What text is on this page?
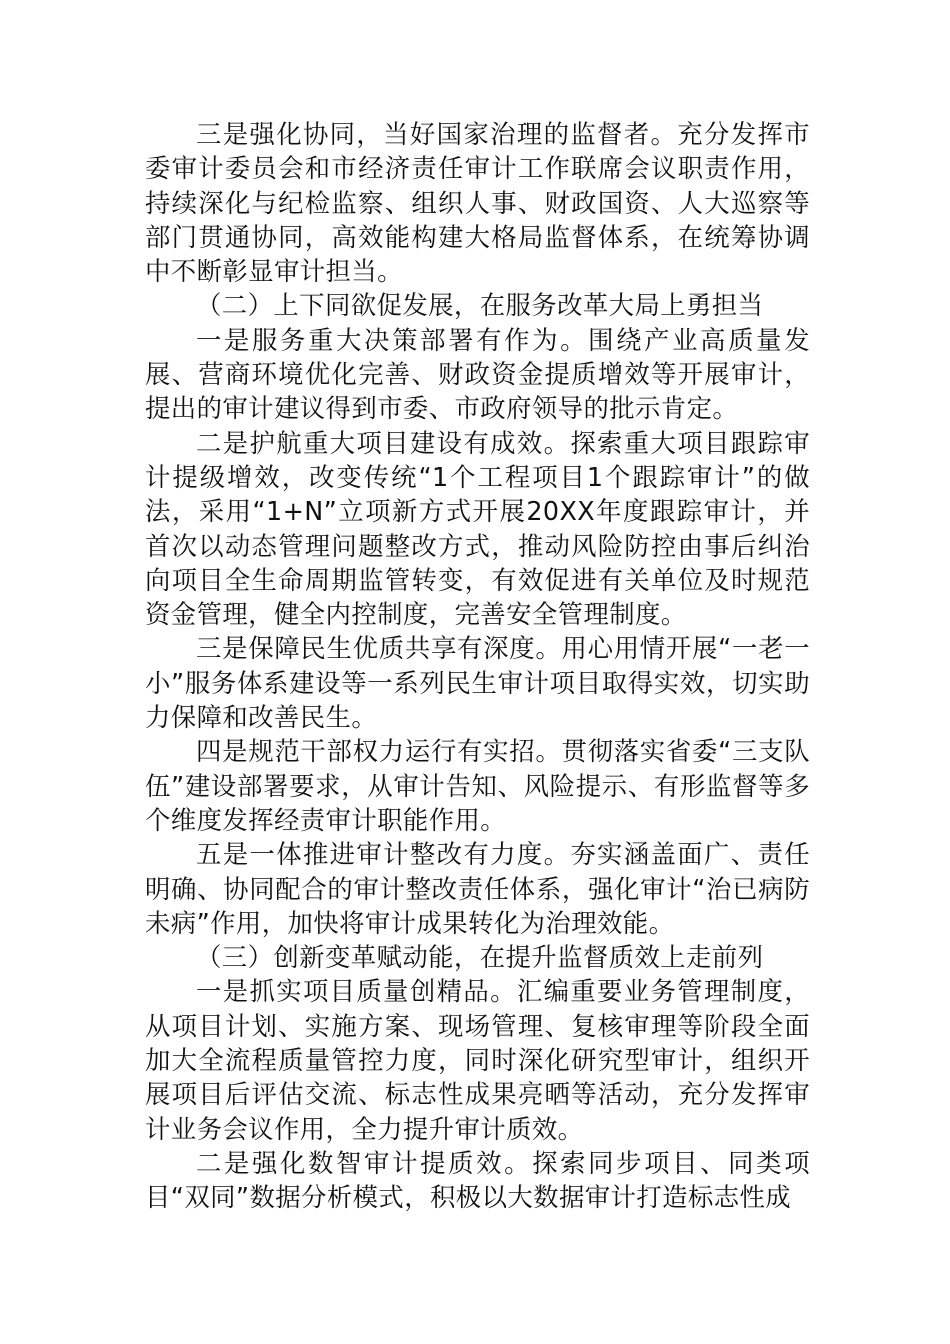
三是强化协同，当好国家治理的监督者。充分发挥市委审计委员会和市经济责任审计工作联席会议职责作用，持续深化与纪检监察、组织人事、财政国资、人大巡察等部门贯通协同，高效能构建大格局监督体系，在统筹协调中不断彰显审计担当。

（二）上下同欲促发展，在服务改革大局上勇担当

一是服务重大决策部署有作为。围绕产业高质量发展、营商环境优化完善、财政资金提质增效等开展审计，提出的审计建议得到市委、市政府领导的批示肯定。

二是护航重大项目建设有成效。探索重大项目跟踪审计提级增效，改变传统“1个工程项目1个跟踪审计”的做法，采用“1+N”立项新方式开展20XX年度跟踪审计，并首次以动态管理问题整改方式，推动风险防控由事后纠治向项目全生命周期监管转变，有效促进有关单位及时规范资金管理，健全内控制度，完善安全管理制度。

三是保障民生优质共享有深度。用心用情开展“一老一小”服务体系建设等一系列民生审计项目取得实效，切实助力保障和改善民生。

四是规范干部权力运行有实招。贯彻落实省委“三支队伍”建设部署要求，从审计告知、风险提示、有形监督等多个维度发挥经责审计职能作用。

五是一体推进审计整改有力度。夯实涵盖面广、责任明确、协同配合的审计整改责任体系，强化审计“治已病防未病”作用，加快将审计成果转化为治理效能。

（三）创新变革赋动能，在提升监督质效上走前列

一是抓实项目质量创精品。汇编重要业务管理制度，从项目计划、实施方案、现场管理、复核审理等阶段全面加大全流程质量管控力度，同时深化研究型审计，组织开展项目后评估交流、标志性成果亮晒等活动，充分发挥审计业务会议作用，全力提升审计质效。

二是强化数智审计提质效。探索同步项目、同类项目“双同”数据分析模式，积极以大数据审计打造标志性成
